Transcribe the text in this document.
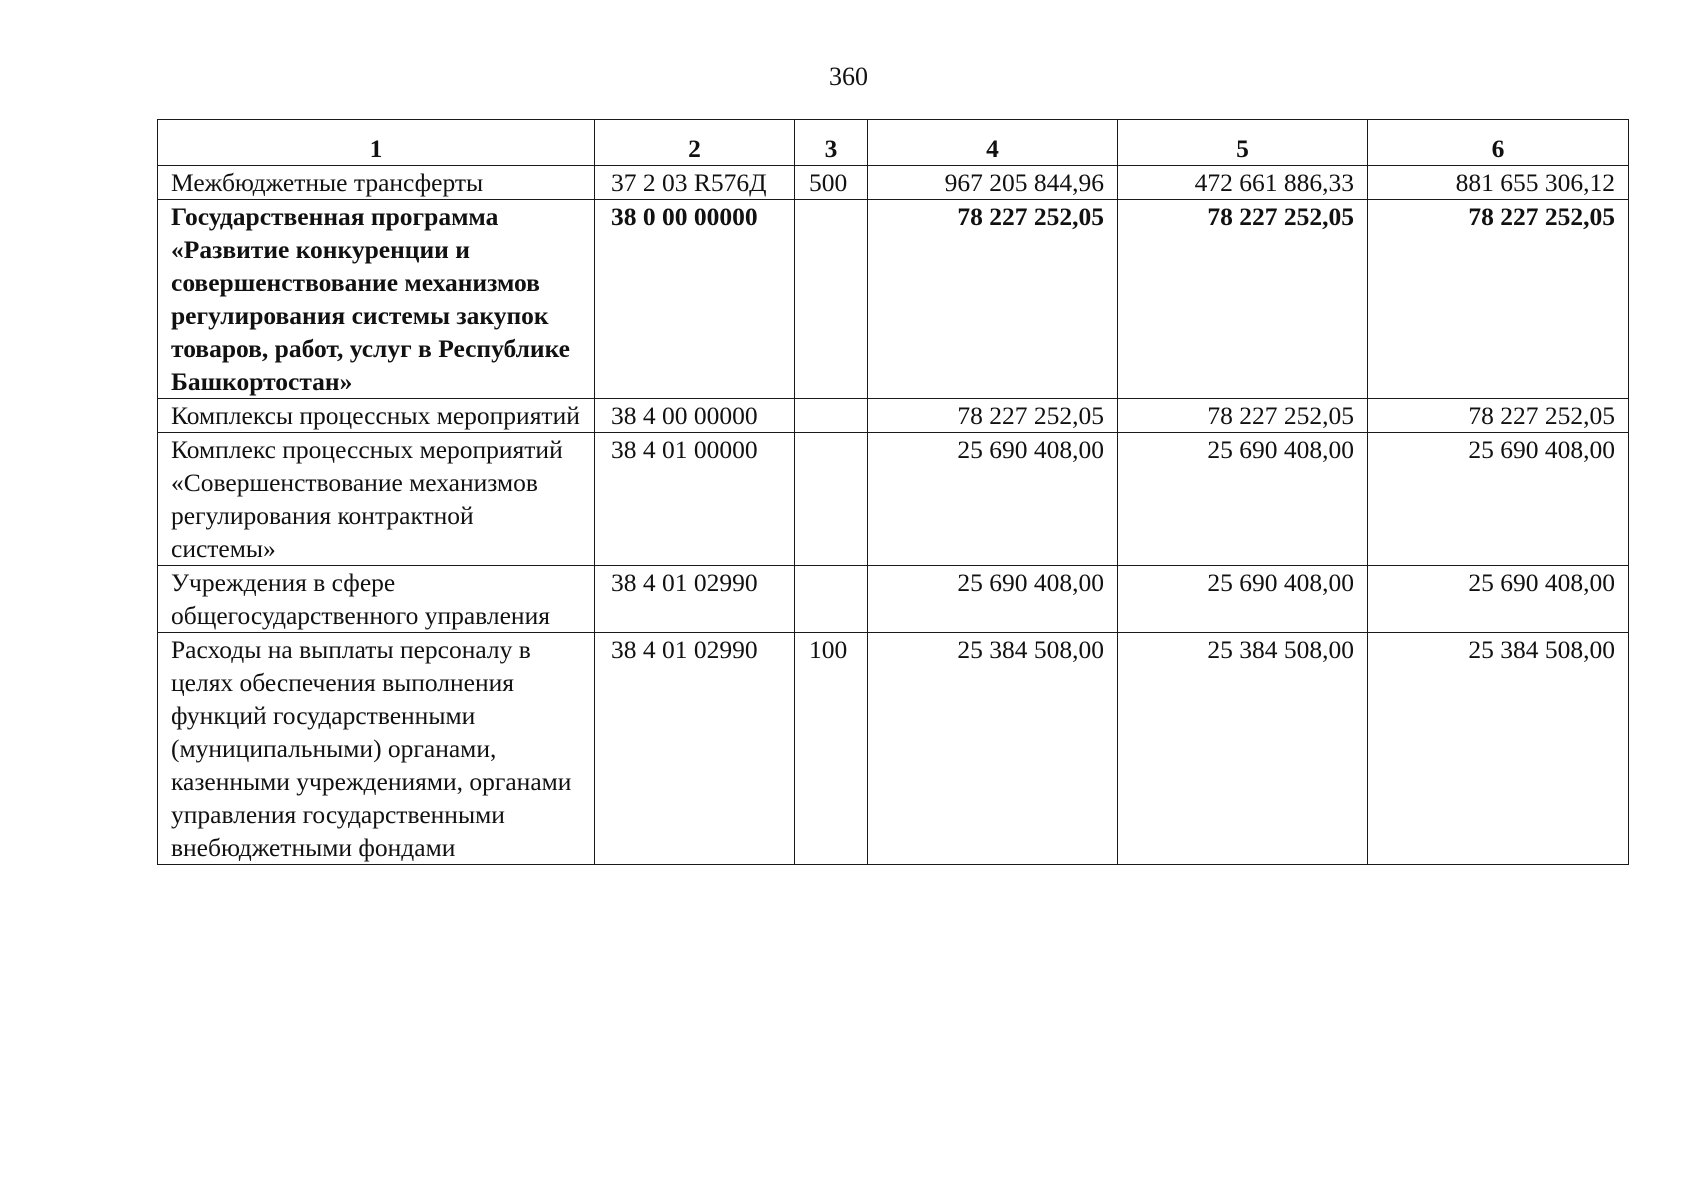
360
1	2	3	4	5	6
Межбюджетные трансферты	37 2 03 R576Д	500	967 205 844,96	472 661 886,33	881 655 306,12
Государственная программа «Развитие конкуренции и совершенствование механизмов регулирования системы закупок товаров, работ, услуг в Республике Башкортостан»	38 0 00 00000		78 227 252,05	78 227 252,05	78 227 252,05
Комплексы процессных мероприятий	38 4 00 00000		78 227 252,05	78 227 252,05	78 227 252,05
Комплекс процессных мероприятий «Совершенствование механизмов регулирования контрактной системы»	38 4 01 00000		25 690 408,00	25 690 408,00	25 690 408,00
Учреждения в сфере общегосударственного управления	38 4 01 02990		25 690 408,00	25 690 408,00	25 690 408,00
Расходы на выплаты персоналу в целях обеспечения выполнения функций государственными (муниципальными) органами, казенными учреждениями, органами управления государственными внебюджетными фондами	38 4 01 02990	100	25 384 508,00	25 384 508,00	25 384 508,00
